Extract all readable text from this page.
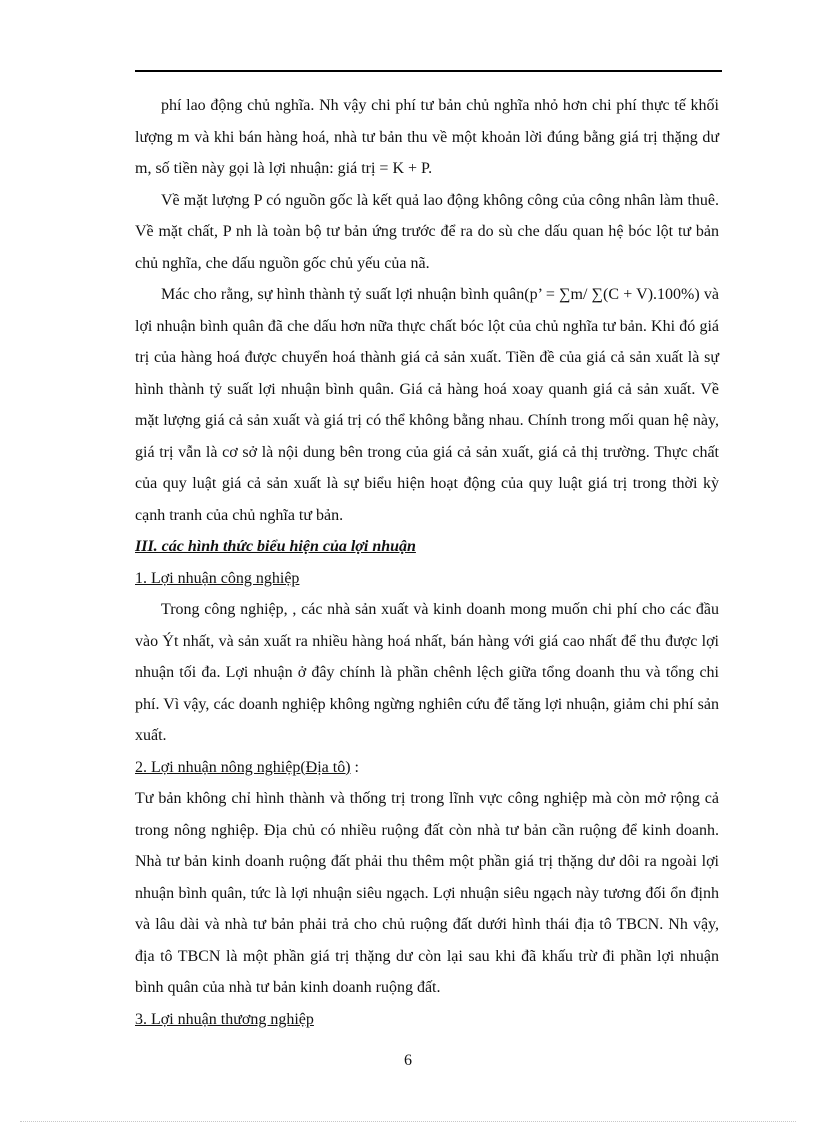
phí lao động chủ nghĩa. Nh vậy chi phí tư bản chủ nghĩa nhỏ hơn chi phí thực tế khối lượng m và khi bán hàng hoá, nhà tư bản thu về một khoản lời đúng bằng giá trị thặng dư m, số tiền này gọi là lợi nhuận: giá trị = K + P.

Về mặt lượng P có nguồn gốc là kết quả lao động không công của công nhân làm thuê. Về mặt chất, P nh là toàn bộ tư bản ứng trước để ra do sù che dấu quan hệ bóc lột tư bản chủ nghĩa, che dấu nguồn gốc chủ yếu của nã.

Mác cho rằng, sự hình thành tỷ suất lợi nhuận bình quân(p’ = ∑m/ ∑(C + V).100%) và lợi nhuận bình quân đã che dấu hơn nữa thực chất bóc lột của chủ nghĩa tư bản. Khi đó giá trị của hàng hoá được chuyển hoá thành giá cả sản xuất. Tiền đề của giá cả sản xuất là sự hình thành tỷ suất lợi nhuận bình quân. Giá cả hàng hoá xoay quanh giá cả sản xuất. Về mặt lượng giá cả sản xuất và giá trị có thể không bằng nhau. Chính trong mối quan hệ này, giá trị vẫn là cơ sở là nội dung bên trong của giá cả sản xuất, giá cả thị trường. Thực chất của quy luật giá cả sản xuất là sự biểu hiện hoạt động của quy luật giá trị trong thời kỳ cạnh tranh của chủ nghĩa tư bản.

III. các hình thức biểu hiện của lợi nhuận

1. Lợi nhuận công nghiệp

Trong công nghiệp, , các nhà sản xuất và kinh doanh mong muốn chi phí cho các đầu vào Ýt nhất, và sản xuất ra nhiều hàng hoá nhất, bán hàng với giá cao nhất để thu được lợi nhuận tối đa. Lợi nhuận ở đây chính là phần chênh lệch giữa tổng doanh thu và tổng chi phí. Vì vậy, các doanh nghiệp không ngừng nghiên cứu để tăng lợi nhuận, giảm chi phí sản xuất.

2. Lợi nhuận nông nghiệp(Địa tô) :

Tư bản không chỉ hình thành và thống trị trong lĩnh vực công nghiệp mà còn mở rộng cả trong nông nghiệp. Địa chủ có nhiều ruộng đất còn nhà tư bản cần ruộng để kinh doanh. Nhà tư bản kinh doanh ruộng đất phải thu thêm một phần giá trị thặng dư dôi ra ngoài lợi nhuận bình quân, tức là lợi nhuận siêu ngạch. Lợi nhuận siêu ngạch này tương đối ổn định và lâu dài và nhà tư bản phải trả cho chủ ruộng đất dưới hình thái địa tô TBCN. Nh vậy, địa tô TBCN là một phần giá trị thặng dư còn lại sau khi đã khấu trừ đi phần lợi nhuận bình quân của nhà tư bản kinh doanh ruộng đất.

3. Lợi nhuận thương nghiệp

6
